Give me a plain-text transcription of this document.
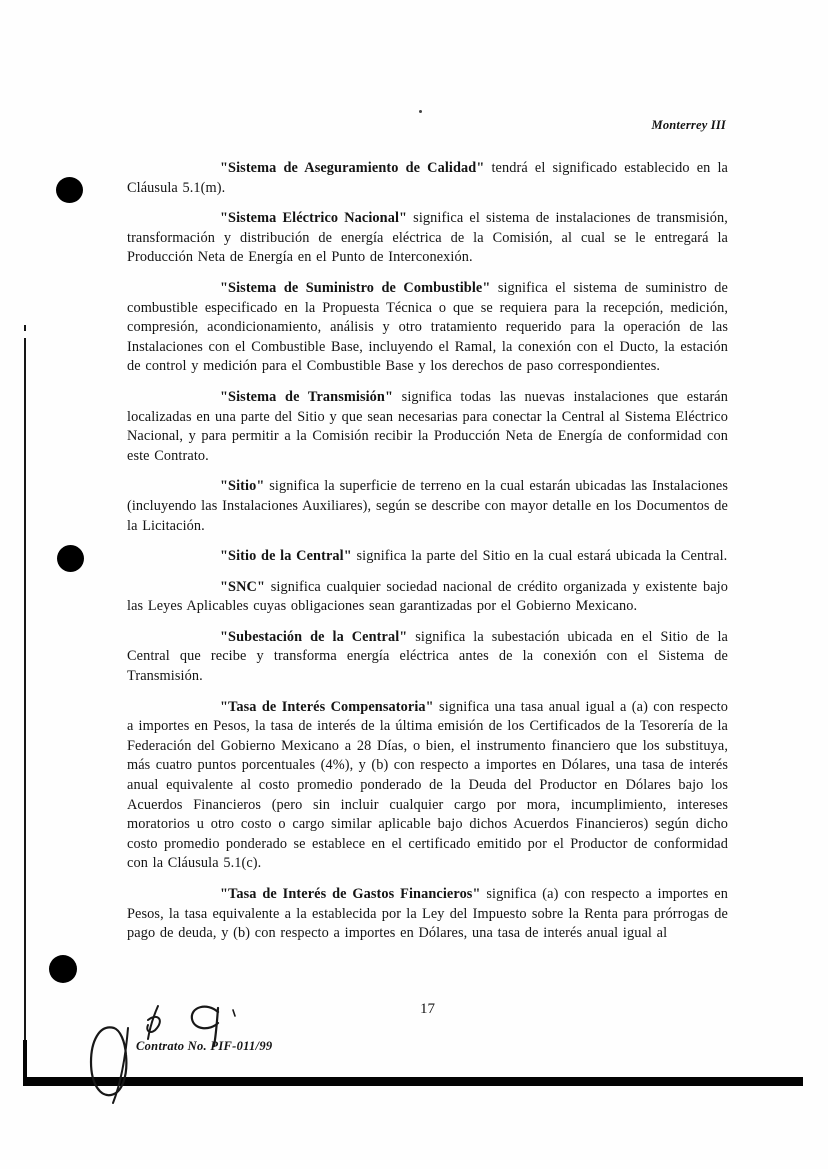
Monterrey III

"Sistema de Aseguramiento de Calidad" tendrá el significado establecido en la Cláusula 5.1(m).

"Sistema Eléctrico Nacional" significa el sistema de instalaciones de transmisión, transformación y distribución de energía eléctrica de la Comisión, al cual se le entregará la Producción Neta de Energía en el Punto de Interconexión.

"Sistema de Suministro de Combustible" significa el sistema de suministro de combustible especificado en la Propuesta Técnica o que se requiera para la recepción, medición, compresión, acondicionamiento, análisis y otro tratamiento requerido para la operación de las Instalaciones con el Combustible Base, incluyendo el Ramal, la conexión con el Ducto, la estación de control y medición para el Combustible Base y los derechos de paso correspondientes.

"Sistema de Transmisión" significa todas las nuevas instalaciones que estarán localizadas en una parte del Sitio y que sean necesarias para conectar la Central al Sistema Eléctrico Nacional, y para permitir a la Comisión recibir la Producción Neta de Energía de conformidad con este Contrato.

"Sitio" significa la superficie de terreno en la cual estarán ubicadas las Instalaciones (incluyendo las Instalaciones Auxiliares), según se describe con mayor detalle en los Documentos de la Licitación.

"Sitio de la Central" significa la parte del Sitio en la cual estará ubicada la Central.

"SNC" significa cualquier sociedad nacional de crédito organizada y existente bajo las Leyes Aplicables cuyas obligaciones sean garantizadas por el Gobierno Mexicano.

"Subestación de la Central" significa la subestación ubicada en el Sitio de la Central que recibe y transforma energía eléctrica antes de la conexión con el Sistema de Transmisión.

"Tasa de Interés Compensatoria" significa una tasa anual igual a (a) con respecto a importes en Pesos, la tasa de interés de la última emisión de los Certificados de la Tesorería de la Federación del Gobierno Mexicano a 28 Días, o bien, el instrumento financiero que los substituya, más cuatro puntos porcentuales (4%), y (b) con respecto a importes en Dólares, una tasa de interés anual equivalente al costo promedio ponderado de la Deuda del Productor en Dólares bajo los Acuerdos Financieros (pero sin incluir cualquier cargo por mora, incumplimiento, intereses moratorios u otro costo o cargo similar aplicable bajo dichos Acuerdos Financieros) según dicho costo promedio ponderado se establece en el certificado emitido por el Productor de conformidad con la Cláusula 5.1(c).

"Tasa de Interés de Gastos Financieros" significa (a) con respecto a importes en Pesos, la tasa equivalente a la establecida por la Ley del Impuesto sobre la Renta para prórrogas de pago de deuda, y (b) con respecto a importes en Dólares, una tasa de interés anual igual al

17
Contrato No. PIF-011/99
